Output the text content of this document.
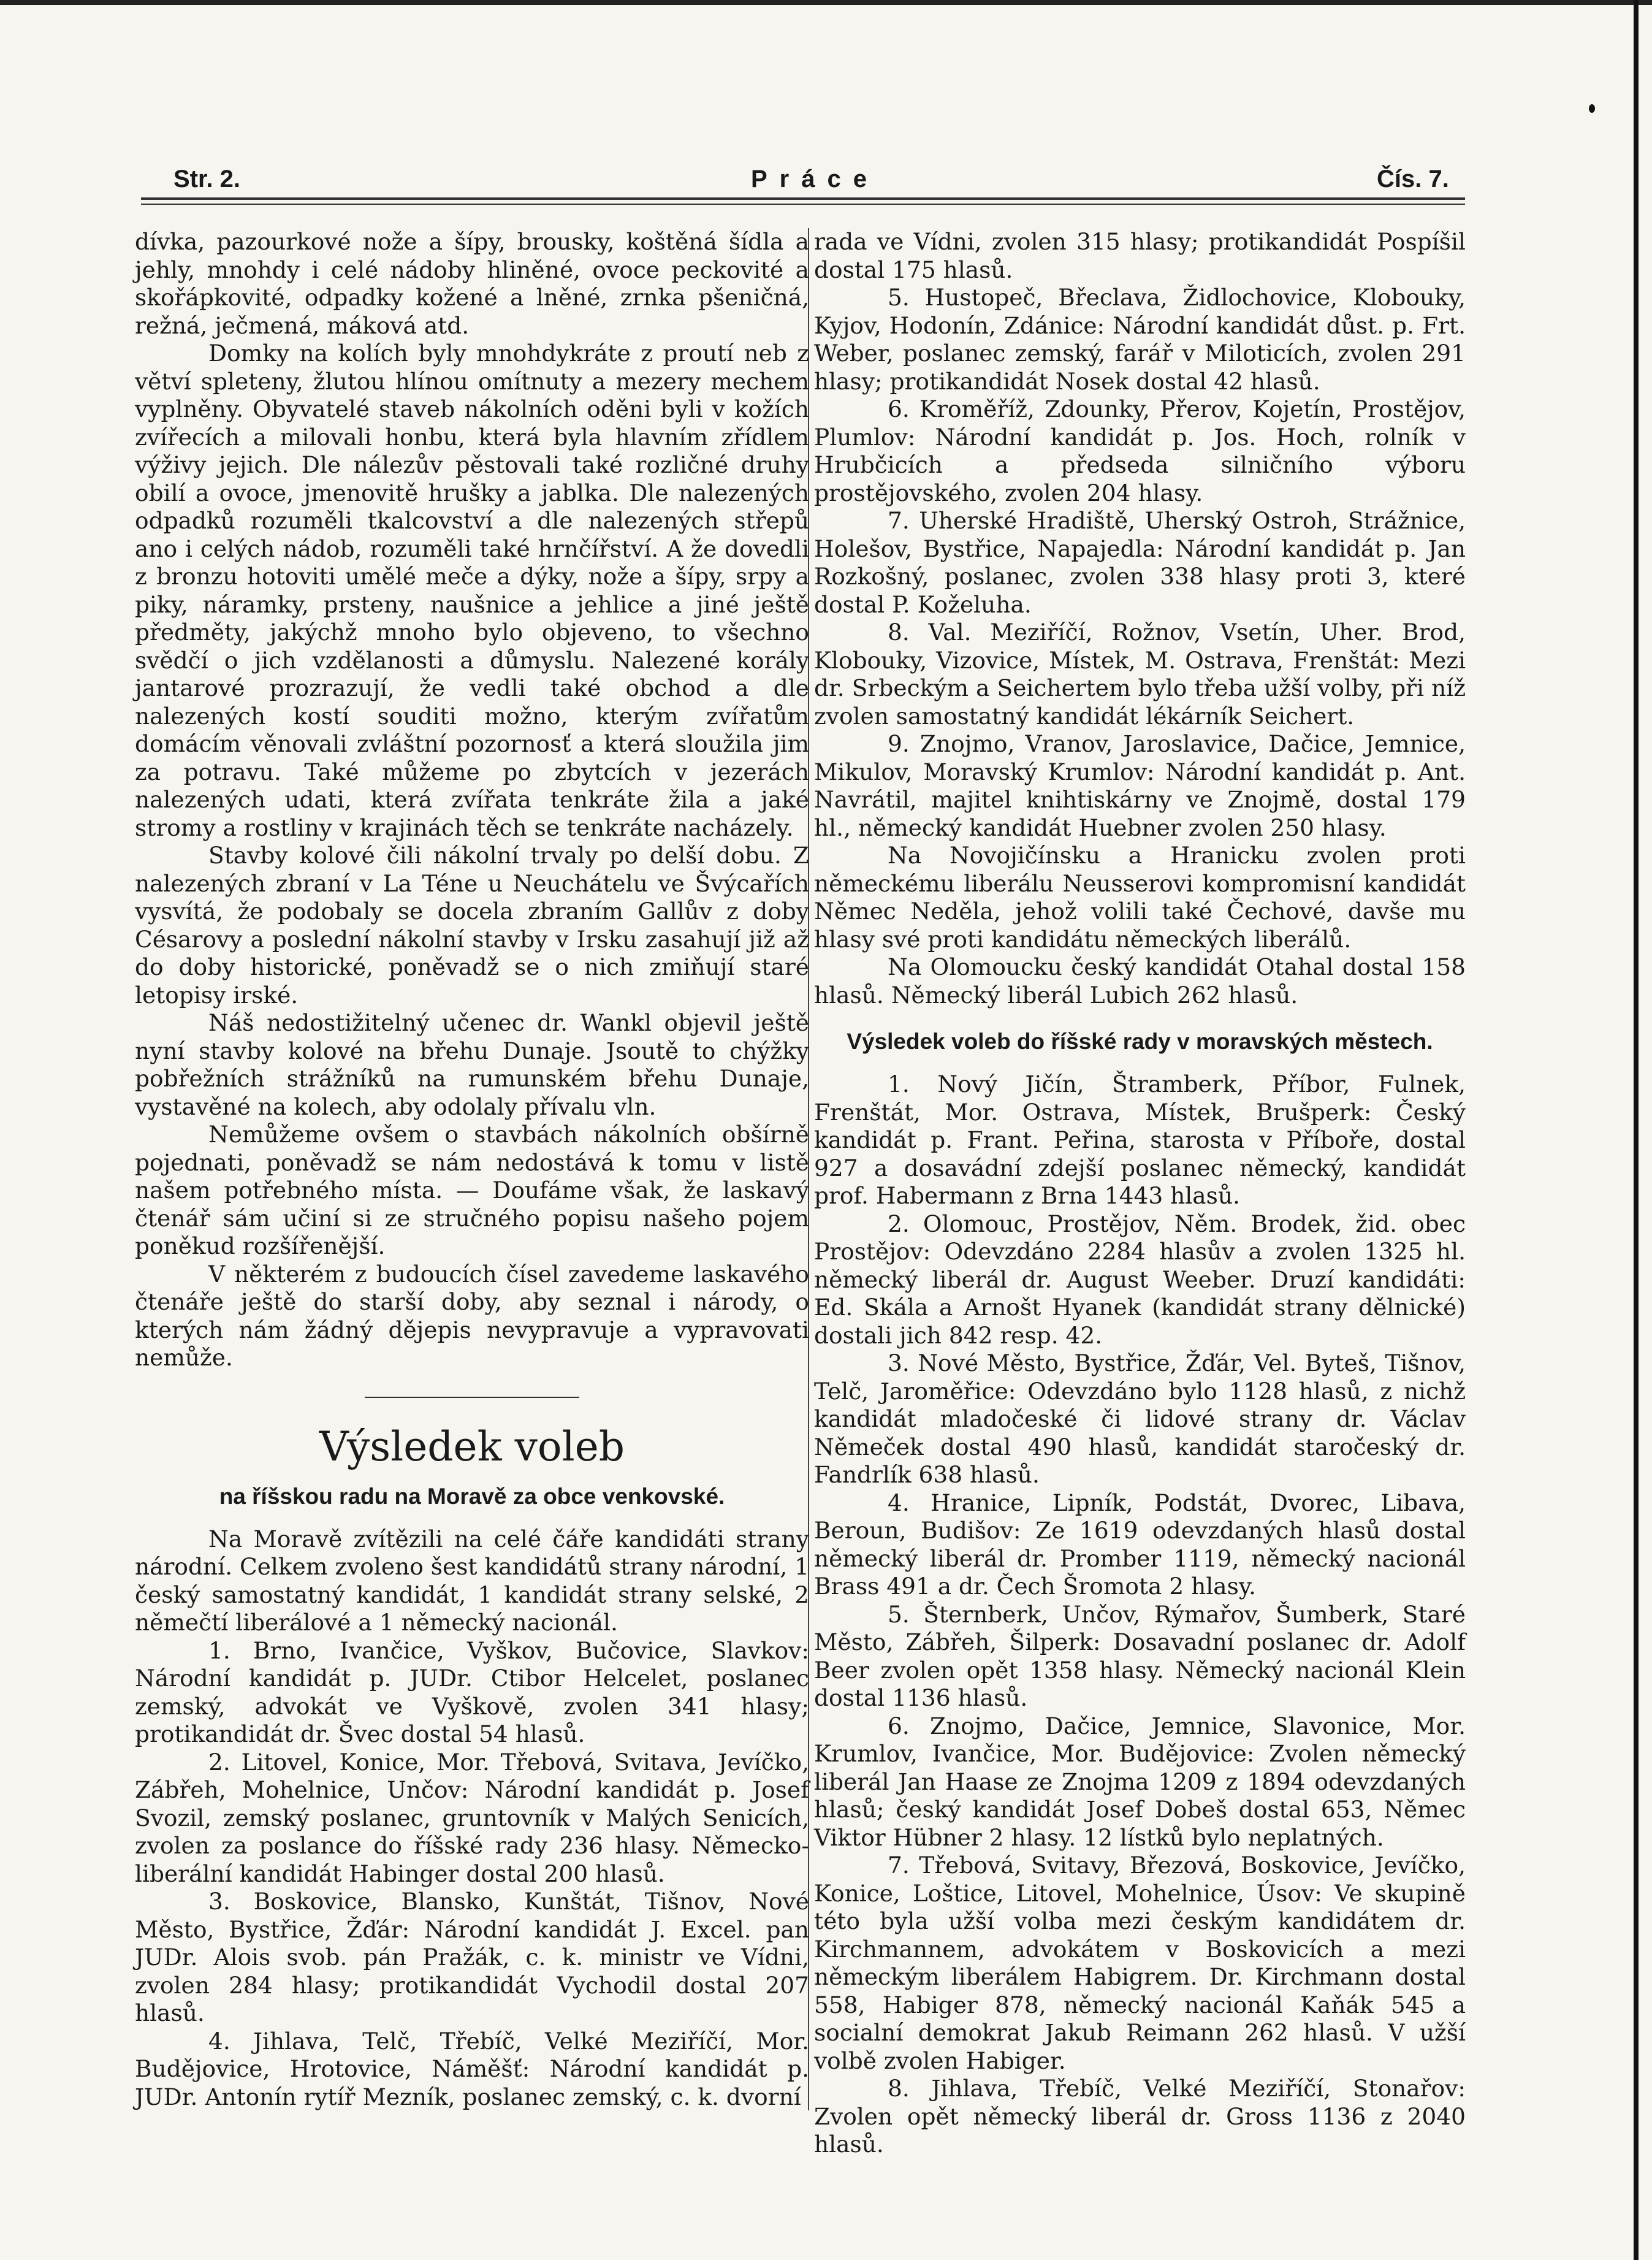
Str. 2.	Práce	Čís. 7.

dívka, pazourkové nože a šípy, brousky, koštěná šídla a jehly, mnohdy i celé nádoby hliněné, ovoce peckovité a skořápkovité, odpadky kožené a lněné, zrnka pšeničná, režná, ječmená, máková atd.

Domky na kolích byly mnohdykráte z proutí neb z větví spleteny, žlutou hlínou omítnuty a mezery mechem vyplněny. Obyvatelé staveb nákolních oděni byli v kožích zvířecích a milovali honbu, která byla hlavním zřídlem výživy jejich. Dle nálezův pěstovali také rozličné druhy obilí a ovoce, jmenovitě hrušky a jablka. Dle nalezených odpadků rozuměli tkalcovství a dle nalezených střepů ano i celých nádob, rozuměli také hrnčířství. A že dovedli z bronzu hotoviti umělé meče a dýky, nože a šípy, srpy a piky, náramky, prsteny, naušnice a jehlice a jiné ještě předměty, jakýchž mnoho bylo objeveno, to všechno svědčí o jich vzdělanosti a důmyslu. Nalezené korály jantarové prozrazují, že vedli také obchod a dle nalezených kostí souditi možno, kterým zvířatům domácím věnovali zvláštní pozornosť a která sloužila jim za potravu. Také můžeme po zbytcích v jezerách nalezených udati, která zvířata tenkráte žila a jaké stromy a rostliny v krajinách těch se tenkráte nacházely.

Stavby kolové čili nákolní trvaly po delší dobu. Z nalezených zbraní v La Téne u Neuchátelu ve Švýcařích vysvítá, že podobaly se docela zbraním Gallův z doby Césarovy a poslední nákolní stavby v Irsku zasahují již až do doby historické, poněvadž se o nich zmiňují staré letopisy irské.

Náš nedostižitelný učenec dr. Wankl objevil ještě nyní stavby kolové na břehu Dunaje. Jsoutě to chýžky pobřežních strážníků na rumunském břehu Dunaje, vystavěné na kolech, aby odolaly přívalu vln.

Nemůžeme ovšem o stavbách nákolních obšírně pojednati, poněvadž se nám nedostává k tomu v listě našem potřebného místa. — Doufáme však, že laskavý čtenář sám učiní si ze stručného popisu našeho pojem poněkud rozšířenější.

V některém z budoucích čísel zavedeme laskavého čtenáře ještě do starší doby, aby seznal i národy, o kterých nám žádný dějepis nevypravuje a vypravovati nemůže.

Výsledek voleb
na říšskou radu na Moravě za obce venkovské.

Na Moravě zvítězili na celé čáře kandidáti strany národní. Celkem zvoleno šest kandidátů strany národní, 1 český samostatný kandidát, 1 kandidát strany selské, 2 němečtí liberálové a 1 německý nacionál.

1. Brno, Ivančice, Vyškov, Bučovice, Slavkov: Národní kandidát p. JUDr. Ctibor Helcelet, poslanec zemský, advokát ve Vyškově, zvolen 341 hlasy; protikandidát dr. Švec dostal 54 hlasů.

2. Litovel, Konice, Mor. Třebová, Svitava, Jevíčko, Zábřeh, Mohelnice, Unčov: Národní kandidát p. Josef Svozil, zemský poslanec, gruntovník v Malých Senicích, zvolen za poslance do říšské rady 236 hlasy. Německo-liberální kandidát Habinger dostal 200 hlasů.

3. Boskovice, Blansko, Kunštát, Tišnov, Nové Město, Bystřice, Žďár: Národní kandidát J. Excel. pan JUDr. Alois svob. pán Pražák, c. k. ministr ve Vídni, zvolen 284 hlasy; protikandidát Vychodil dostal 207 hlasů.

4. Jihlava, Telč, Třebíč, Velké Meziříčí, Mor. Budějovice, Hrotovice, Náměšť: Národní kandidát p. JUDr. Antonín rytíř Mezník, poslanec zemský, c. k. dvorní

rada ve Vídni, zvolen 315 hlasy; protikandidát Pospíšil dostal 175 hlasů.

5. Hustopeč, Břeclava, Židlochovice, Klobouky, Kyjov, Hodonín, Zdánice: Národní kandidát důst. p. Frt. Weber, poslanec zemský, farář v Miloticích, zvolen 291 hlasy; protikandidát Nosek dostal 42 hlasů.

6. Kroměříž, Zdounky, Přerov, Kojetín, Prostějov, Plumlov: Národní kandidát p. Jos. Hoch, rolník v Hrubčicích a předseda silničního výboru prostějovského, zvolen 204 hlasy.

7. Uherské Hradiště, Uherský Ostroh, Strážnice, Holešov, Bystřice, Napajedla: Národní kandidát p. Jan Rozkošný, poslanec, zvolen 338 hlasy proti 3, které dostal P. Koželuha.

8. Val. Meziříčí, Rožnov, Vsetín, Uher. Brod, Klobouky, Vizovice, Místek, M. Ostrava, Frenštát: Mezi dr. Srbeckým a Seichertem bylo třeba užší volby, při níž zvolen samostatný kandidát lékárník Seichert.

9. Znojmo, Vranov, Jaroslavice, Dačice, Jemnice, Mikulov, Moravský Krumlov: Národní kandidát p. Ant. Navrátil, majitel knihtiskárny ve Znojmě, dostal 179 hl., německý kandidát Huebner zvolen 250 hlasy.

Na Novojičínsku a Hranicku zvolen proti německému liberálu Neusserovi kompromisní kandidát Němec Neděla, jehož volili také Čechové, davše mu hlasy své proti kandidátu německých liberálů.

Na Olomoucku český kandidát Otahal dostal 158 hlasů. Německý liberál Lubich 262 hlasů.

Výsledek voleb do říšské rady v moravských městech.

1. Nový Jičín, Štramberk, Příbor, Fulnek, Frenštát, Mor. Ostrava, Místek, Brušperk: Český kandidát p. Frant. Peřina, starosta v Příboře, dostal 927 a dosavádní zdejší poslanec německý, kandidát prof. Habermann z Brna 1443 hlasů.

2. Olomouc, Prostějov, Něm. Brodek, žid. obec Prostějov: Odevzdáno 2284 hlasův a zvolen 1325 hl. německý liberál dr. August Weeber. Druzí kandidáti: Ed. Skála a Arnošt Hyanek (kandidát strany dělnické) dostali jich 842 resp. 42.

3. Nové Město, Bystřice, Žďár, Vel. Byteš, Tišnov, Telč, Jaroměřice: Odevzdáno bylo 1128 hlasů, z nichž kandidát mladočeské či lidové strany dr. Václav Němeček dostal 490 hlasů, kandidát staročeský dr. Fandrlík 638 hlasů.

4. Hranice, Lipník, Podstát, Dvorec, Libava, Beroun, Budišov: Ze 1619 odevzdaných hlasů dostal německý liberál dr. Promber 1119, německý nacionál Brass 491 a dr. Čech Šromota 2 hlasy.

5. Šternberk, Unčov, Rýmařov, Šumberk, Staré Město, Zábřeh, Šilperk: Dosavadní poslanec dr. Adolf Beer zvolen opět 1358 hlasy. Německý nacionál Klein dostal 1136 hlasů.

6. Znojmo, Dačice, Jemnice, Slavonice, Mor. Krumlov, Ivančice, Mor. Budějovice: Zvolen německý liberál Jan Haase ze Znojma 1209 z 1894 odevzdaných hlasů; český kandidát Josef Dobeš dostal 653, Němec Viktor Hübner 2 hlasy. 12 lístků bylo neplatných.

7. Třebová, Svitavy, Březová, Boskovice, Jevíčko, Konice, Loštice, Litovel, Mohelnice, Úsov: Ve skupině této byla užší volba mezi českým kandidátem dr. Kirchmannem, advokátem v Boskovicích a mezi německým liberálem Habigrem. Dr. Kirchmann dostal 558, Habiger 878, německý nacionál Kaňák 545 a socialní demokrat Jakub Reimann 262 hlasů. V užší volbě zvolen Habiger.

8. Jihlava, Třebíč, Velké Meziříčí, Stonařov: Zvolen opět německý liberál dr. Gross 1136 z 2040 hlasů.
